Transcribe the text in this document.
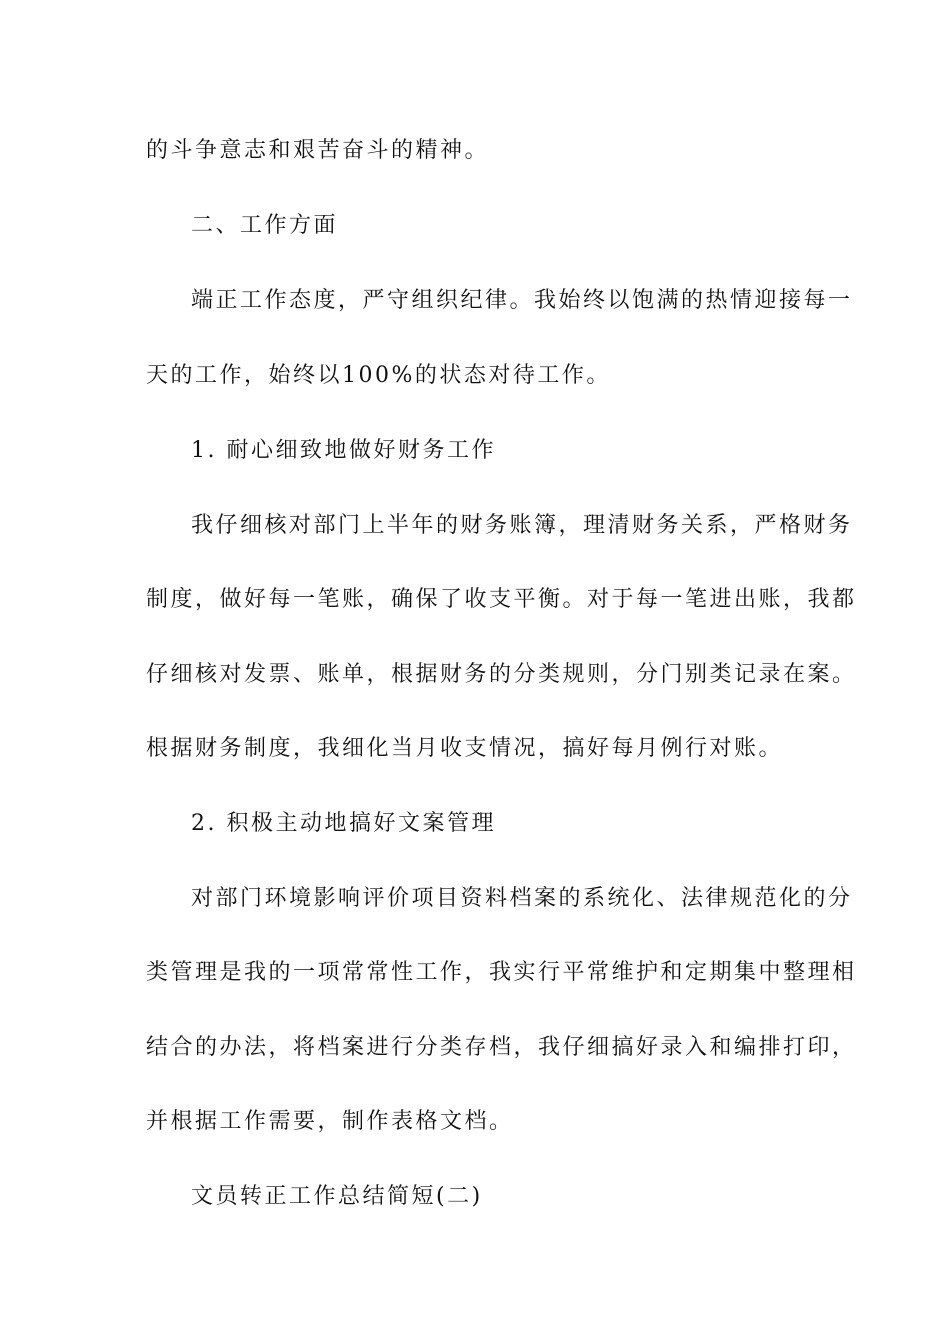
的斗争意志和艰苦奋斗的精神。
二、工作方面
端正工作态度，严守组织纪律。我始终以饱满的热情迎接每一
天的工作，始终以100%的状态对待工作。
1. 耐心细致地做好财务工作
我仔细核对部门上半年的财务账簿，理清财务关系，严格财务
制度，做好每一笔账，确保了收支平衡。对于每一笔进出账，我都
仔细核对发票、账单，根据财务的分类规则，分门别类记录在案。
根据财务制度，我细化当月收支情况，搞好每月例行对账。
2. 积极主动地搞好文案管理
对部门环境影响评价项目资料档案的系统化、法律规范化的分
类管理是我的一项常常性工作，我实行平常维护和定期集中整理相
结合的办法，将档案进行分类存档，我仔细搞好录入和编排打印，
并根据工作需要，制作表格文档。
文员转正工作总结简短(二)
